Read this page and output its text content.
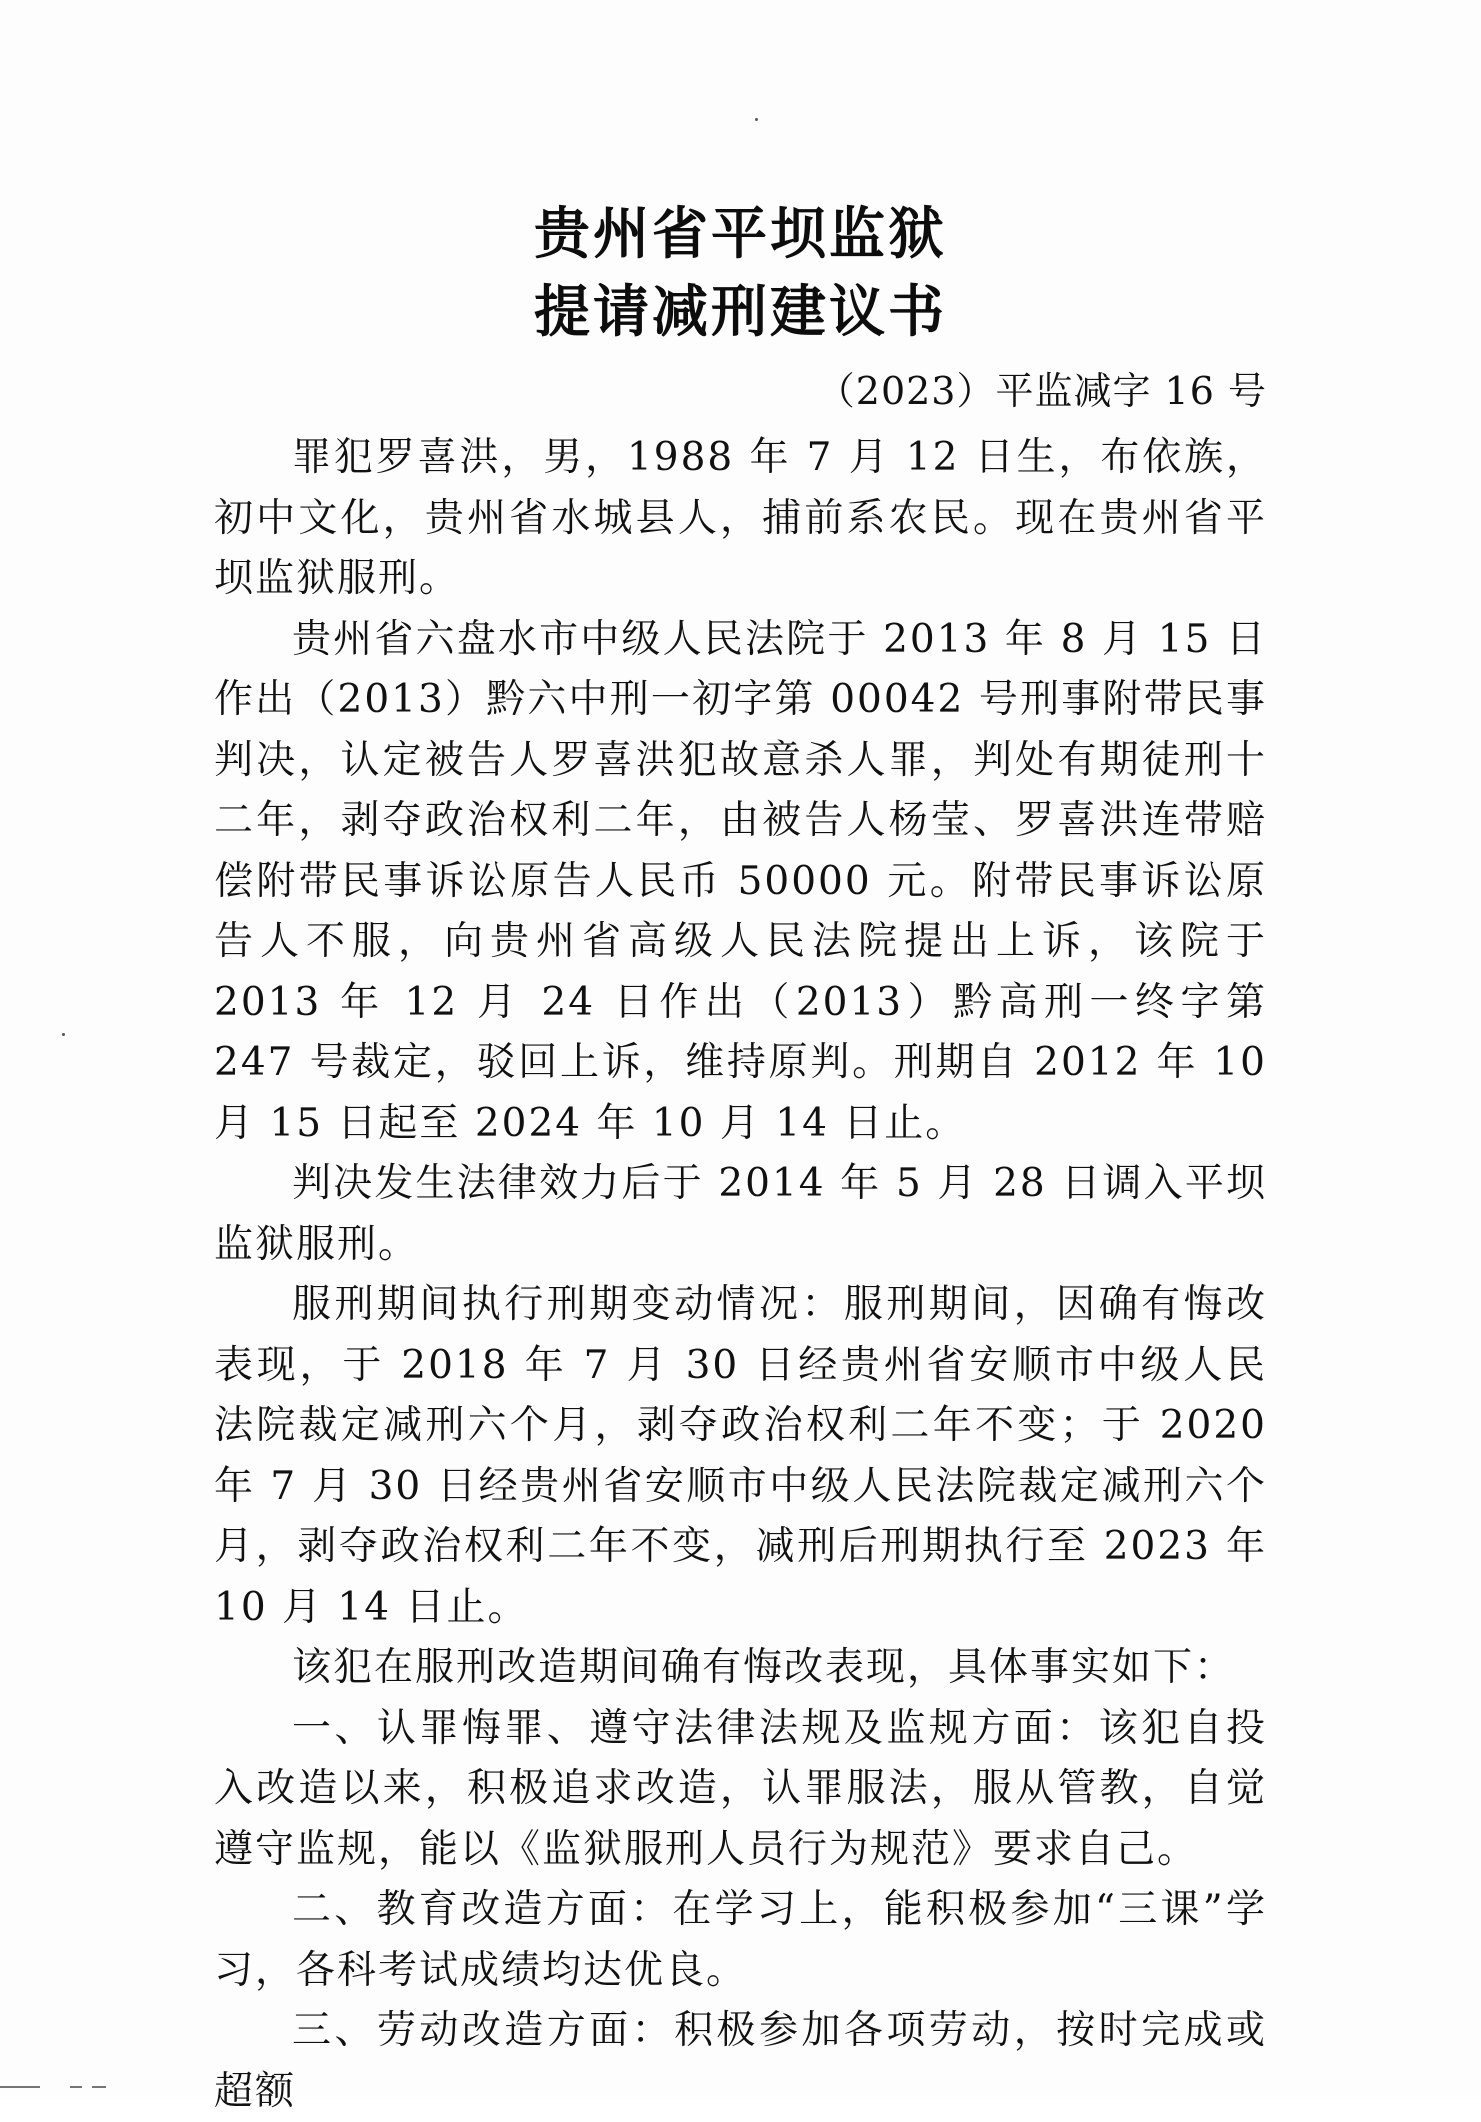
贵州省平坝监狱
提请减刑建议书
（2023）平监减字 16 号

罪犯罗喜洪，男，1988 年 7 月 12 日生，布依族，初中文化，贵州省水城县人，捕前系农民。现在贵州省平坝监狱服刑。

贵州省六盘水市中级人民法院于 2013 年 8 月 15 日作出（2013）黔六中刑一初字第 00042 号刑事附带民事判决，认定被告人罗喜洪犯故意杀人罪，判处有期徒刑十二年，剥夺政治权利二年，由被告人杨莹、罗喜洪连带赔偿附带民事诉讼原告人民币 50000 元。附带民事诉讼原告人不服，向贵州省高级人民法院提出上诉，该院于 2013 年 12 月 24 日作出（2013）黔高刑一终字第 247 号裁定，驳回上诉，维持原判。刑期自 2012 年 10 月 15 日起至 2024 年 10 月 14 日止。

判决发生法律效力后于 2014 年 5 月 28 日调入平坝监狱服刑。

服刑期间执行刑期变动情况：服刑期间，因确有悔改表现，于 2018 年 7 月 30 日经贵州省安顺市中级人民法院裁定减刑六个月，剥夺政治权利二年不变；于 2020 年 7 月 30 日经贵州省安顺市中级人民法院裁定减刑六个月，剥夺政治权利二年不变，减刑后刑期执行至 2023 年 10 月 14 日止。

该犯在服刑改造期间确有悔改表现，具体事实如下：

一、认罪悔罪、遵守法律法规及监规方面：该犯自投入改造以来，积极追求改造，认罪服法，服从管教，自觉遵守监规，能以《监狱服刑人员行为规范》要求自己。

二、教育改造方面：在学习上，能积极参加“三课”学习，各科考试成绩均达优良。

三、劳动改造方面：积极参加各项劳动，按时完成或超额
